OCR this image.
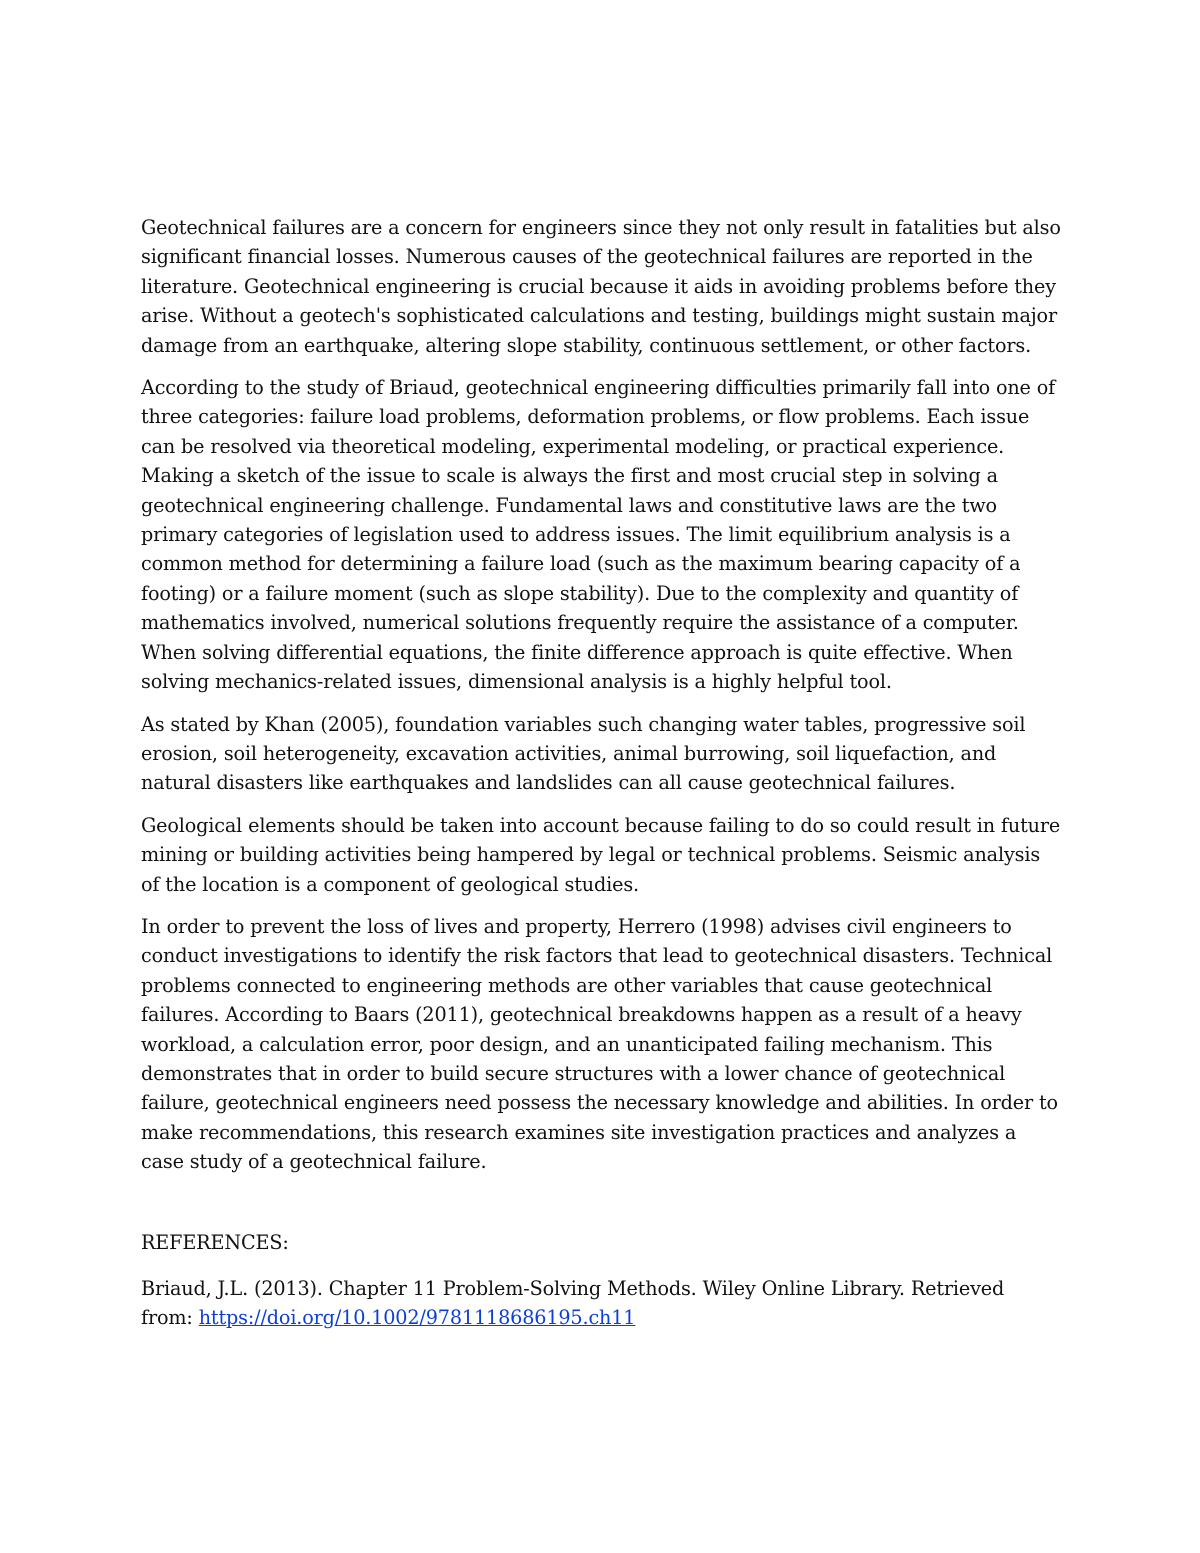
Geotechnical failures are a concern for engineers since they not only result in fatalities but also significant financial losses. Numerous causes of the geotechnical failures are reported in the literature. Geotechnical engineering is crucial because it aids in avoiding problems before they arise. Without a geotech's sophisticated calculations and testing, buildings might sustain major damage from an earthquake, altering slope stability, continuous settlement, or other factors.

According to the study of Briaud, geotechnical engineering difficulties primarily fall into one of three categories: failure load problems, deformation problems, or flow problems. Each issue can be resolved via theoretical modeling, experimental modeling, or practical experience. Making a sketch of the issue to scale is always the first and most crucial step in solving a geotechnical engineering challenge. Fundamental laws and constitutive laws are the two primary categories of legislation used to address issues. The limit equilibrium analysis is a common method for determining a failure load (such as the maximum bearing capacity of a footing) or a failure moment (such as slope stability). Due to the complexity and quantity of mathematics involved, numerical solutions frequently require the assistance of a computer. When solving differential equations, the finite difference approach is quite effective. When solving mechanics-related issues, dimensional analysis is a highly helpful tool.

As stated by Khan (2005), foundation variables such changing water tables, progressive soil erosion, soil heterogeneity, excavation activities, animal burrowing, soil liquefaction, and natural disasters like earthquakes and landslides can all cause geotechnical failures.

Geological elements should be taken into account because failing to do so could result in future mining or building activities being hampered by legal or technical problems. Seismic analysis of the location is a component of geological studies.

In order to prevent the loss of lives and property, Herrero (1998) advises civil engineers to conduct investigations to identify the risk factors that lead to geotechnical disasters. Technical problems connected to engineering methods are other variables that cause geotechnical failures. According to Baars (2011), geotechnical breakdowns happen as a result of a heavy workload, a calculation error, poor design, and an unanticipated failing mechanism. This demonstrates that in order to build secure structures with a lower chance of geotechnical failure, geotechnical engineers need possess the necessary knowledge and abilities. In order to make recommendations, this research examines site investigation practices and analyzes a case study of a geotechnical failure.

REFERENCES:

Briaud, J.L. (2013). Chapter 11 Problem-Solving Methods. Wiley Online Library. Retrieved from: https://doi.org/10.1002/9781118686195.ch11
